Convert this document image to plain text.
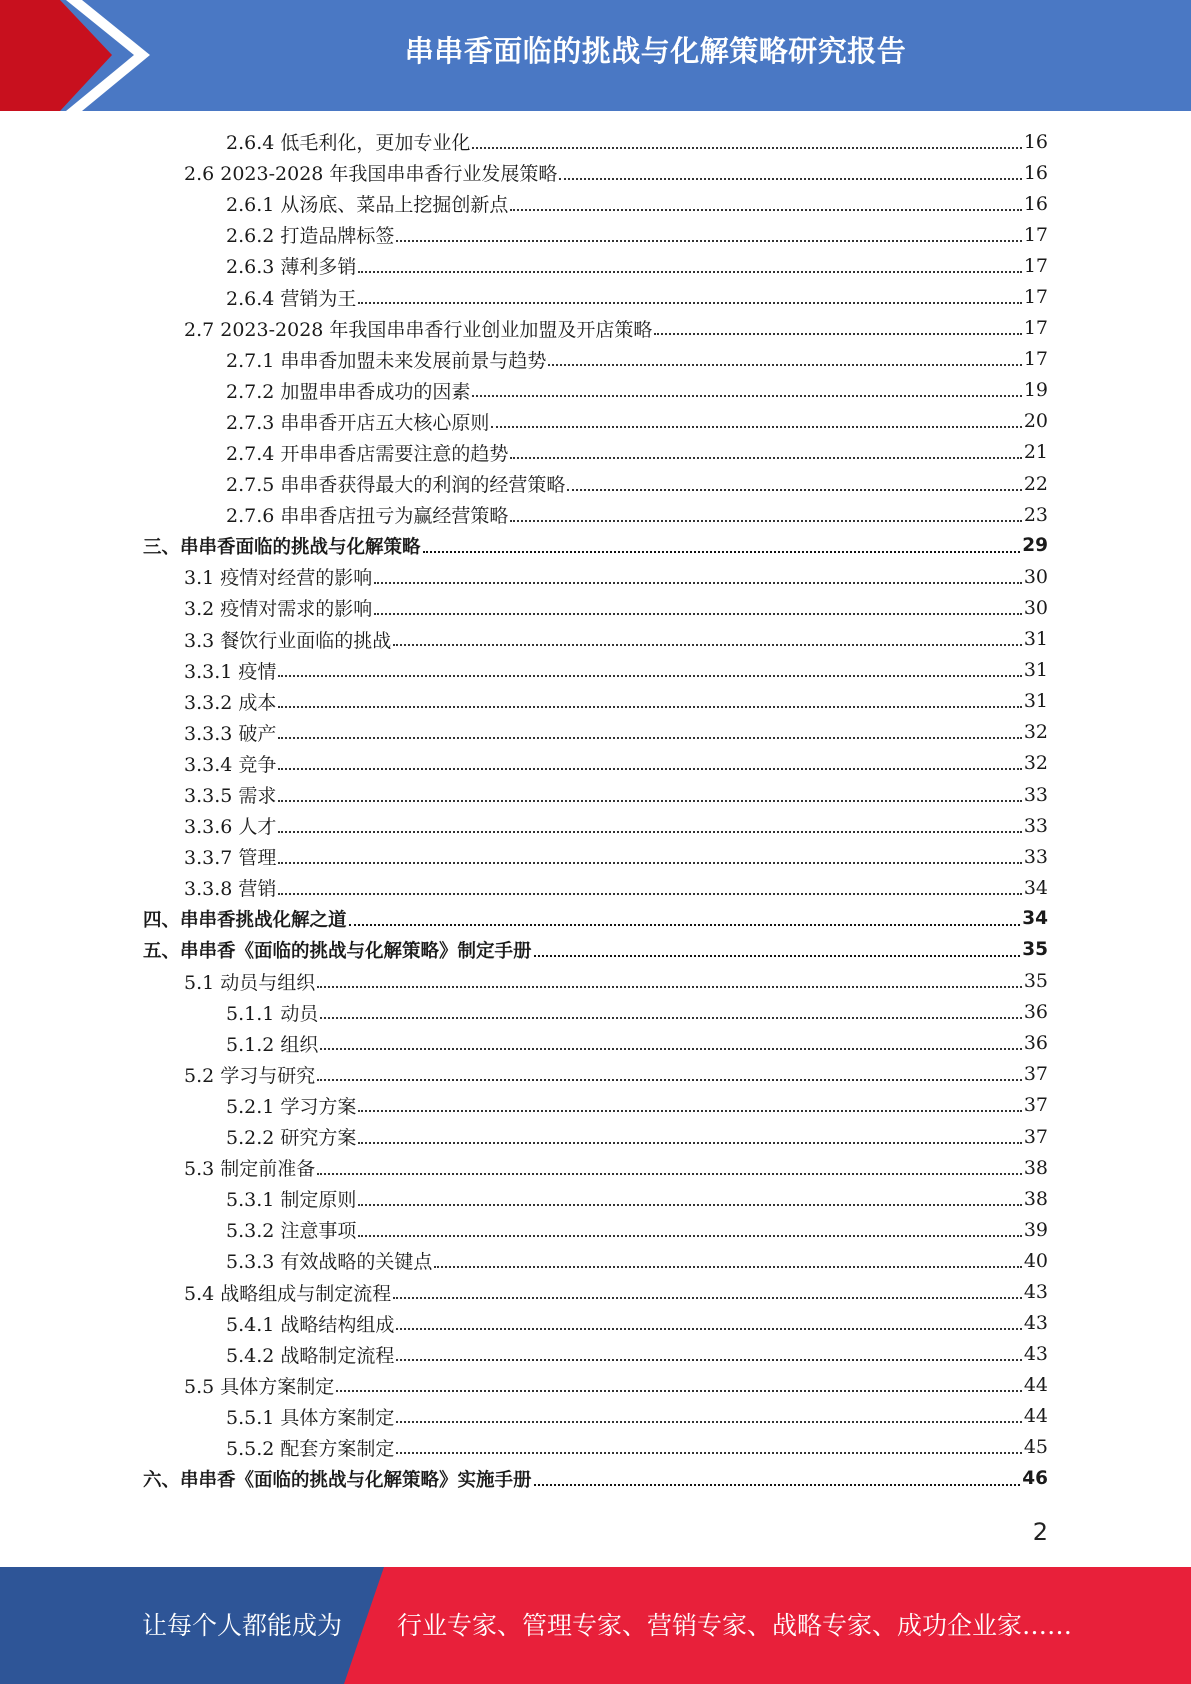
串串香面临的挑战与化解策略研究报告
2.6.4 低毛利化，更加专业化	16
2.6 2023-2028 年我国串串香行业发展策略	16
2.6.1 从汤底、菜品上挖掘创新点	16
2.6.2 打造品牌标签	17
2.6.3 薄利多销	17
2.6.4 营销为王	17
2.7 2023-2028 年我国串串香行业创业加盟及开店策略	17
2.7.1 串串香加盟未来发展前景与趋势	17
2.7.2 加盟串串香成功的因素	19
2.7.3 串串香开店五大核心原则	20
2.7.4 开串串香店需要注意的趋势	21
2.7.5 串串香获得最大的利润的经营策略	22
2.7.6 串串香店扭亏为赢经营策略	23
三、串串香面临的挑战与化解策略	29
3.1 疫情对经营的影响	30
3.2 疫情对需求的影响	30
3.3 餐饮行业面临的挑战	31
3.3.1 疫情	31
3.3.2 成本	31
3.3.3 破产	32
3.3.4 竞争	32
3.3.5 需求	33
3.3.6 人才	33
3.3.7 管理	33
3.3.8 营销	34
四、串串香挑战化解之道	34
五、串串香《面临的挑战与化解策略》制定手册	35
5.1 动员与组织	35
5.1.1 动员	36
5.1.2 组织	36
5.2 学习与研究	37
5.2.1 学习方案	37
5.2.2 研究方案	37
5.3 制定前准备	38
5.3.1 制定原则	38
5.3.2 注意事项	39
5.3.3 有效战略的关键点	40
5.4 战略组成与制定流程	43
5.4.1 战略结构组成	43
5.4.2 战略制定流程	43
5.5 具体方案制定	44
5.5.1 具体方案制定	44
5.5.2 配套方案制定	45
六、串串香《面临的挑战与化解策略》实施手册	46
2
让每个人都能成为 行业专家、管理专家、营销专家、战略专家、成功企业家……
